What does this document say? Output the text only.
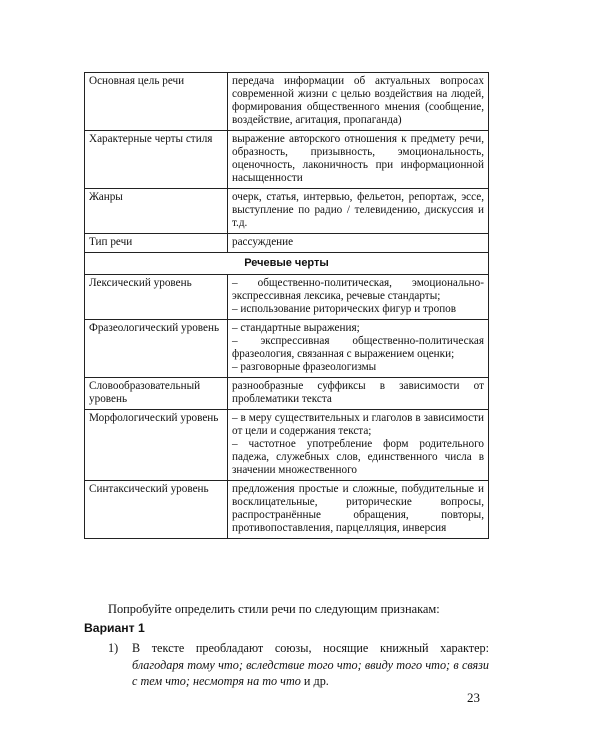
Основная цель речи	передача информации об актуальных вопросах современной жизни с целью воздействия на людей, формирования общественного мнения (сообщение, воздействие, агитация, пропаганда)
Характерные черты стиля	выражение авторского отношения к предмету речи, образность, призывность, эмоциональность, оценочность, лаконичность при информационной насыщенности
Жанры	очерк, статья, интервью, фельетон, репортаж, эссе, выступление по радио / телевидению, дискуссия и т.д.
Тип речи	рассуждение
Речевые черты	
Лексический уровень	– общественно-политическая, эмоционально-экспрессивная лексика, речевые стандарты;
– использование риторических фигур и тропов

Фразеологический уровень	– стандартные выражения;
– экспрессивная общественно-политическая фразеология, связанная с выражением оценки;
– разговорные фразеологизмы

Словообразовательный уровень	разнообразные суффиксы в зависимости от проблематики текста

Морфологический уровень	– в меру существительных и глаголов в зависимости от цели и содержания текста;
– частотное употребление форм родительного падежа, служебных слов, единственного числа в значении множественного

Синтаксический уровень	предложения простые и сложные, побудительные и восклицательные, риторические вопросы, распространённые обращения, повторы, противопоставления, парцелляция, инверсия
Попробуйте определить стили речи по следующим признакам:
Вариант 1
1) В тексте преобладают союзы, носящие книжный характер: благодаря тому что; вследствие того что; ввиду того что; в связи с тем что; несмотря на то что и др.
23
